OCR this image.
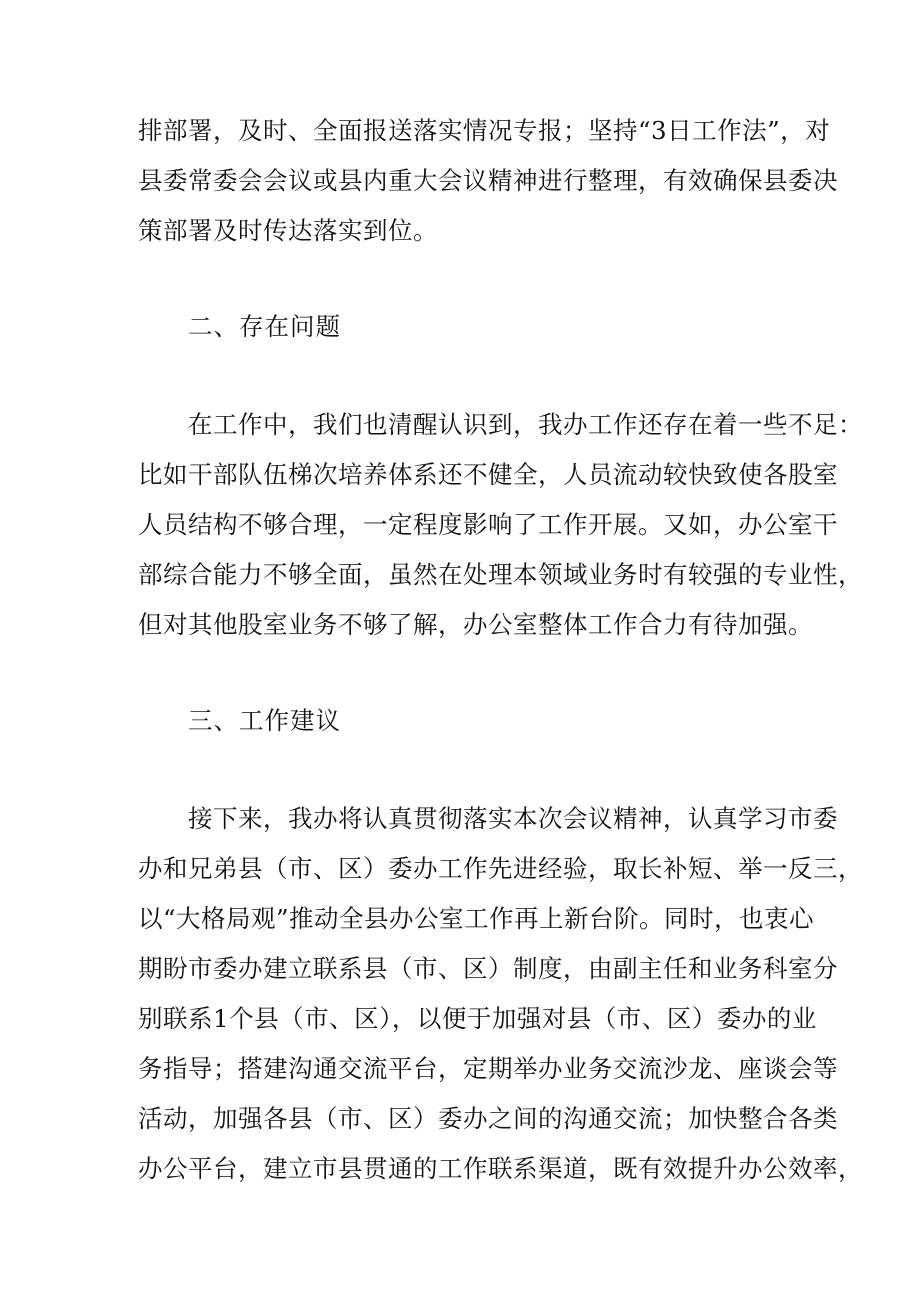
排部署，及时、全面报送落实情况专报；坚持“3日工作法”，对
县委常委会会议或县内重大会议精神进行整理，有效确保县委决
策部署及时传达落实到位。
二、存在问题
在工作中，我们也清醒认识到，我办工作还存在着一些不足：
比如干部队伍梯次培养体系还不健全，人员流动较快致使各股室
人员结构不够合理，一定程度影响了工作开展。又如，办公室干
部综合能力不够全面，虽然在处理本领域业务时有较强的专业性，
但对其他股室业务不够了解，办公室整体工作合力有待加强。
三、工作建议
接下来，我办将认真贯彻落实本次会议精神，认真学习市委
办和兄弟县（市、区）委办工作先进经验，取长补短、举一反三，
以“大格局观”推动全县办公室工作再上新台阶。同时，也衷心
期盼市委办建立联系县（市、区）制度，由副主任和业务科室分
别联系1个县（市、区），以便于加强对县（市、区）委办的业
务指导；搭建沟通交流平台，定期举办业务交流沙龙、座谈会等
活动，加强各县（市、区）委办之间的沟通交流；加快整合各类
办公平台，建立市县贯通的工作联系渠道，既有效提升办公效率，
